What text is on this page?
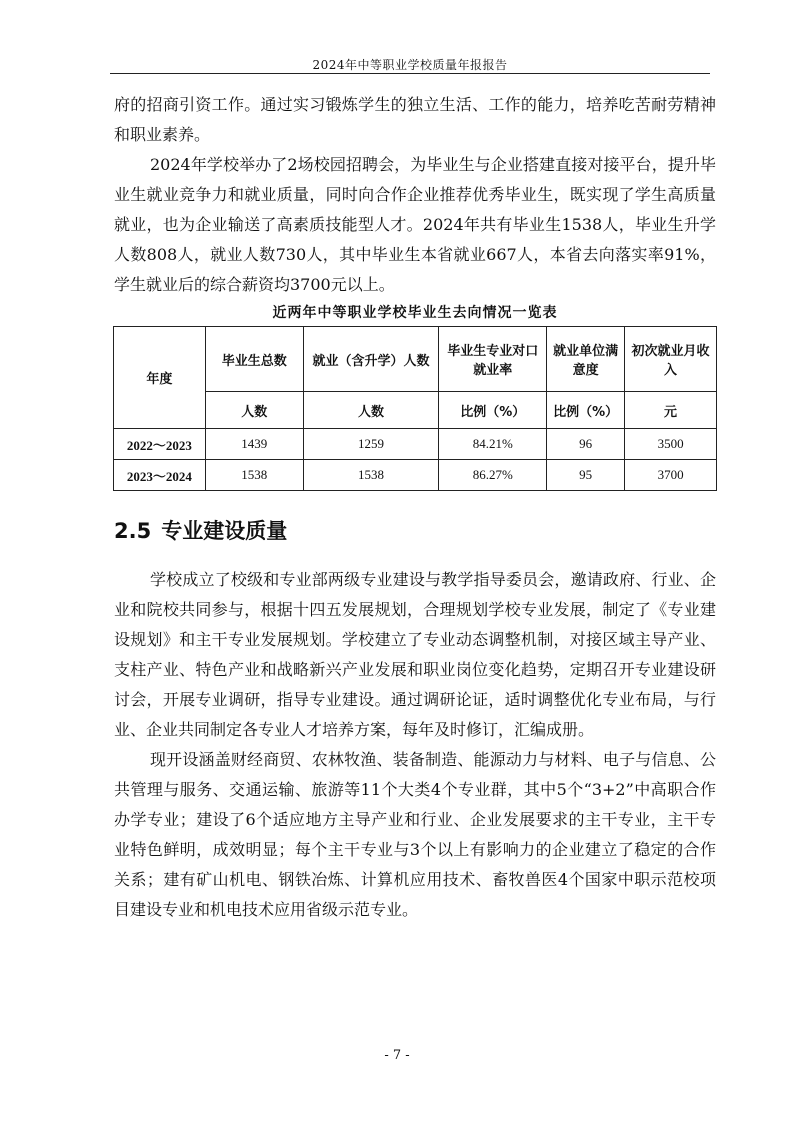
2024年中等职业学校质量年报报告

府的招商引资工作。通过实习锻炼学生的独立生活、工作的能力，培养吃苦耐劳精神和职业素养。

2024年学校举办了2场校园招聘会，为毕业生与企业搭建直接对接平台，提升毕业生就业竞争力和就业质量，同时向合作企业推荐优秀毕业生，既实现了学生高质量就业，也为企业输送了高素质技能型人才。2024年共有毕业生1538人，毕业生升学人数808人，就业人数730人，其中毕业生本省就业667人，本省去向落实率91%，学生就业后的综合薪资均3700元以上。

近两年中等职业学校毕业生去向情况一览表
年度	毕业生总数	就业（含升学）人数	毕业生专业对口就业率	就业单位满意度	初次就业月收入
	人数	人数	比例（%）	比例（%）	元
2022～2023	1439	1259	84.21%	96	3500
2023～2024	1538	1538	86.27%	95	3700
2.5 专业建设质量

学校成立了校级和专业部两级专业建设与教学指导委员会，邀请政府、行业、企业和院校共同参与，根据十四五发展规划，合理规划学校专业发展，制定了《专业建设规划》和主干专业发展规划。学校建立了专业动态调整机制，对接区域主导产业、支柱产业、特色产业和战略新兴产业发展和职业岗位变化趋势，定期召开专业建设研讨会，开展专业调研，指导专业建设。通过调研论证，适时调整优化专业布局，与行业、企业共同制定各专业人才培养方案，每年及时修订，汇编成册。

现开设涵盖财经商贸、农林牧渔、装备制造、能源动力与材料、电子与信息、公共管理与服务、交通运输、旅游等11个大类4个专业群，其中5个“3+2”中高职合作办学专业；建设了6个适应地方主导产业和行业、企业发展要求的主干专业，主干专业特色鲜明，成效明显；每个主干专业与3个以上有影响力的企业建立了稳定的合作关系；建有矿山机电、钢铁冶炼、计算机应用技术、畜牧兽医4个国家中职示范校项目建设专业和机电技术应用省级示范专业。

- 7 -
